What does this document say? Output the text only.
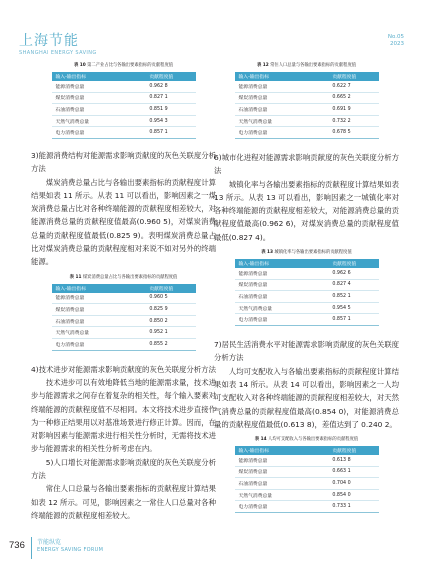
上海节能
SHANGHAI ENERGY SAVING
No.05
2023
表 10 第二产业占比与各输出要素指标的贡献程度值
输入-输出指标	贡献程度值
能源消费总量	0.962 8
煤炭消费总量	0.827 1
石油消费总量	0.851 9
天然气消费总量	0.954 3
电力消费总量	0.857 1

3)能源消费结构对能源需求影响贡献度的灰色关联度分析方法

煤炭消费总量占比与各输出要素指标的贡献程度计算结果如表 11 所示。从表 11 可以看出，影响因素之一煤炭消费总量占比对各种终端能源的贡献程度相差较大，对能源消费总量的贡献程度值最高(0.960 5)，对煤炭消费总量的贡献程度值最低(0.825 9)。表明煤炭消费总量占比对煤炭消费总量的贡献程度相对来说不如对另外的终端能源。

表 11 煤炭消费总量占比与各输出要素指标的贡献程度值
输入-输出指标	贡献程度值
能源消费总量	0.960 5
煤炭消费总量	0.825 9
石油消费总量	0.850 2
天然气消费总量	0.952 1
电力消费总量	0.855 2

4)技术进步对能源需求影响贡献度的灰色关联度分析方法

技术进步可以有效地降低当地的能源需求量，技术进步与能源需求之间存在着复杂的相关性，每个输入要素对终端能源的贡献程度值不尽相同。本文将技术进步直接作为一种修正结果用以对基准场景进行修正计算。因而，在对影响因素与能源需求进行相关性分析时，无需将技术进步与能源需求的相关性分析考虑在内。

5)人口增长对能源需求影响贡献度的灰色关联度分析方法

常住人口总量与各输出要素指标的贡献程度计算结果如表 12 所示。可见，影响因素之一常住人口总量对各种终端能源的贡献程度相差较大。

表 12 常住人口总量与各输出要素指标的贡献程度值
输入-输出指标	贡献程度值
能源消费总量	0.622 7
煤炭消费总量	0.665 2
石油消费总量	0.691 9
天然气消费总量	0.732 2
电力消费总量	0.678 5

6)城市化进程对能源需求影响贡献度的灰色关联度分析方法

城镇化率与各输出要素指标的贡献程度计算结果如表 13 所示。从表 13 可以看出，影响因素之一城镇化率对各种终端能源的贡献程度相差较大，对能源消费总量的贡献程度值最高(0.962 6)，对煤炭消费总量的贡献程度值最低(0.827 4)。

表 13 城镇化率与各输出要素指标的贡献程度值
输入-输出指标	贡献程度值
能源消费总量	0.962 6
煤炭消费总量	0.827 4
石油消费总量	0.852 1
天然气消费总量	0.954 5
电力消费总量	0.857 1

7)居民生活消费水平对能源需求影响贡献度的灰色关联度分析方法

人均可支配收入与各输出要素指标的贡献程度计算结果如表 14 所示。从表 14 可以看出，影响因素之一人均可支配收入对各种终端能源的贡献程度相差较大，对天然气消费总量的贡献程度值最高(0.854 0)，对能源消费总量的贡献程度值最低(0.613 8)，差值达到了 0.240 2。

表 14 人均可支配收入与各输出要素指标的贡献程度值
输入-输出指标	贡献程度值
能源消费总量	0.613 8
煤炭消费总量	0.663 1
石油消费总量	0.704 0
天然气消费总量	0.854 0
电力消费总量	0.733 1
736 节能纵览
ENERGY SAVING FORUM
